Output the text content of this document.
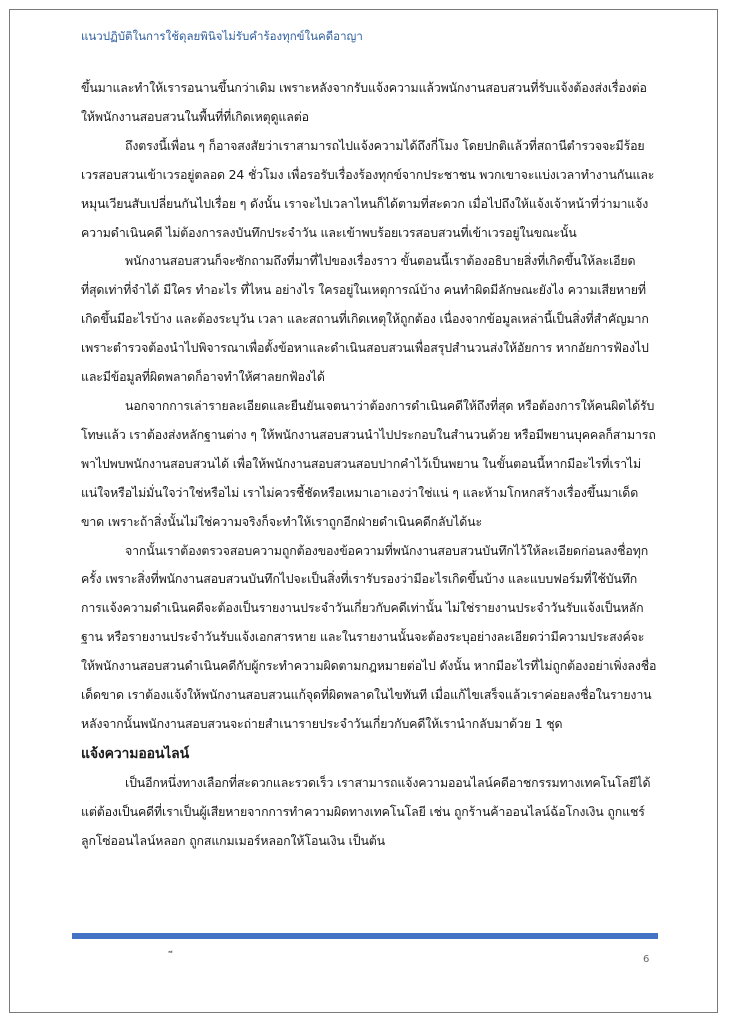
แนวปฏิบัติในการใช้ดุลยพินิจไม่รับคำร้องทุกข์ในคดีอาญา

ขึ้นมาและทำให้เรารอนานขึ้นกว่าเดิม เพราะหลังจากรับแจ้งความแล้วพนักงานสอบสวนที่รับแจ้งต้องส่งเรื่องต่อให้พนักงานสอบสวนในพื้นที่ที่เกิดเหตุดูแลต่อ

ถึงตรงนี้เพื่อน ๆ ก็อาจสงสัยว่าเราสามารถไปแจ้งความได้ถึงกี่โมง โดยปกติแล้วที่สถานีตำรวจจะมีร้อยเวรสอบสวนเข้าเวรอยู่ตลอด 24 ชั่วโมง เพื่อรอรับเรื่องร้องทุกข์จากประชาชน พวกเขาจะแบ่งเวลาทำงานกันและหมุนเวียนสับเปลี่ยนกันไปเรื่อย ๆ ดังนั้น เราจะไปเวลาไหนก็ได้ตามที่สะดวก เมื่อไปถึงให้แจ้งเจ้าหน้าที่ว่ามาแจ้งความดำเนินคดี ไม่ต้องการลงบันทึกประจำวัน และเข้าพบร้อยเวรสอบสวนที่เข้าเวรอยู่ในขณะนั้น

พนักงานสอบสวนก็จะซักถามถึงที่มาที่ไปของเรื่องราว ขั้นตอนนี้เราต้องอธิบายสิ่งที่เกิดขึ้นให้ละเอียดที่สุดเท่าที่จำได้ มีใคร ทำอะไร ที่ไหน อย่างไร ใครอยู่ในเหตุการณ์บ้าง คนทำผิดมีลักษณะยังไง ความเสียหายที่เกิดขึ้นมีอะไรบ้าง และต้องระบุวัน เวลา และสถานที่เกิดเหตุให้ถูกต้อง เนื่องจากข้อมูลเหล่านี้เป็นสิ่งที่สำคัญมาก เพราะตำรวจต้องนำไปพิจารณาเพื่อตั้งข้อหาและดำเนินสอบสวนเพื่อสรุปสำนวนส่งให้อัยการ หากอัยการฟ้องไปและมีข้อมูลที่ผิดพลาดก็อาจทำให้ศาลยกฟ้องได้

นอกจากการเล่ารายละเอียดและยืนยันเจตนาว่าต้องการดำเนินคดีให้ถึงที่สุด หรือต้องการให้คนผิดได้รับโทษแล้ว เราต้องส่งหลักฐานต่าง ๆ ให้พนักงานสอบสวนนำไปประกอบในสำนวนด้วย หรือมีพยานบุคคลก็สามารถพาไปพบพนักงานสอบสวนได้ เพื่อให้พนักงานสอบสวนสอบปากคำไว้เป็นพยาน ในขั้นตอนนี้หากมีอะไรที่เราไม่แน่ใจหรือไม่มั่นใจว่าใช่หรือไม่ เราไม่ควรชี้ชัดหรือเหมาเอาเองว่าใช่แน่ ๆ และห้ามโกหกสร้างเรื่องขึ้นมาเด็ดขาด เพราะถ้าสิ่งนั้นไม่ใช่ความจริงก็จะทำให้เราถูกอีกฝ่ายดำเนินคดีกลับได้นะ

จากนั้นเราต้องตรวจสอบความถูกต้องของข้อความที่พนักงานสอบสวนบันทึกไว้ให้ละเอียดก่อนลงชื่อทุกครั้ง เพราะสิ่งที่พนักงานสอบสวนบันทึกไปจะเป็นสิ่งที่เรารับรองว่ามีอะไรเกิดขึ้นบ้าง และแบบฟอร์มที่ใช้บันทึกการแจ้งความดำเนินคดีจะต้องเป็นรายงานประจำวันเกี่ยวกับคดีเท่านั้น ไม่ใช่รายงานประจำวันรับแจ้งเป็นหลักฐาน หรือรายงานประจำวันรับแจ้งเอกสารหาย และในรายงานนั้นจะต้องระบุอย่างละเอียดว่ามีความประสงค์จะให้พนักงานสอบสวนดำเนินคดีกับผู้กระทำความผิดตามกฎหมายต่อไป ดังนั้น หากมีอะไรที่ไม่ถูกต้องอย่าเพิ่งลงชื่อเด็ดขาด เราต้องแจ้งให้พนักงานสอบสวนแก้จุดที่ผิดพลาดในไขทันที เมื่อแก้ไขเสร็จแล้วเราค่อยลงชื่อในรายงาน หลังจากนั้นพนักงานสอบสวนจะถ่ายสำเนารายประจำวันเกี่ยวกับคดีให้เรานำกลับมาด้วย 1 ชุด

แจ้งความออนไลน์

เป็นอีกหนึ่งทางเลือกที่สะดวกและรวดเร็ว เราสามารถแจ้งความออนไลน์คดีอาชกรรมทางเทคโนโลยีได้ แต่ต้องเป็นคดีที่เราเป็นผู้เสียหายจากการทำความผิดทางเทคโนโลยี เช่น ถูกร้านค้าออนไลน์ฉ้อโกงเงิน ถูกแชร์ลูกโซ่ออนไลน์หลอก ถูกสแกมเมอร์หลอกให้โอนเงิน เป็นต้น

6
